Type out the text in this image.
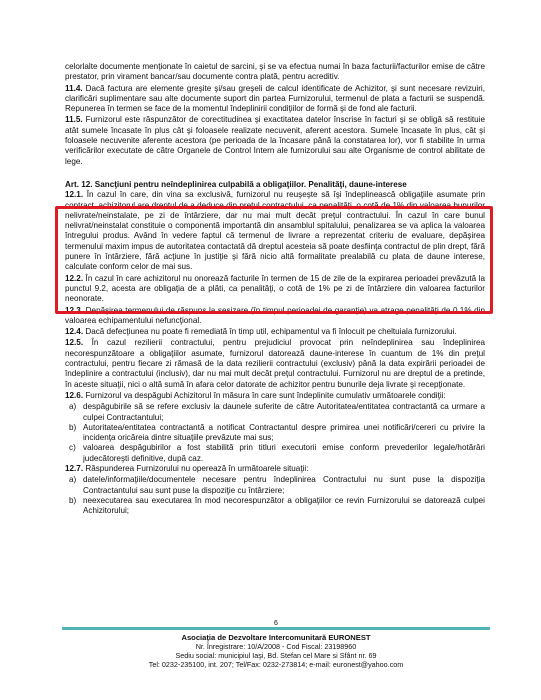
celorlalte documente menţionate în caietul de sarcini, şi se va efectua numai în baza facturii/facturilor emise de către prestator, prin virament bancar/sau documente contra plată, pentru acreditiv.

11.4. Dacă factura are elemente greşite şi/sau greşeli de calcul identificate de Achizitor, şi sunt necesare revizuiri, clarificări suplimentare sau alte documente suport din partea Furnizorului, termenul de plata a facturii se suspendă. Repunerea în termen se face de la momentul îndeplinirii condiţiilor de formă şi de fond ale facturii.

11.5. Furnizorul este răspunzător de corectitudinea şi exactitatea datelor înscrise în facturi şi se obligă să restituie atât sumele încasate în plus cât şi foloasele realizate necuvenit, aferent acestora. Sumele încasate în plus, cât şi foloasele necuvenite aferente acestora (pe perioada de la încasare până la constatarea lor), vor fi stabilite în urma verificărilor executate de către Organele de Control Intern ale furnizorului sau alte Organisme de control abilitate de lege.

Art. 12. Sancţiuni pentru neîndeplinirea culpabilă a obligaţiilor. Penalităţi, daune-interese

12.1. În cazul în care, din vina sa exclusivă, furnizorul nu reuşeşte să îşi îndeplinească obligaţiile asumate prin contract, achizitorul are dreptul de a deduce din preţul contractului, ca penalităţi, o cotă de 1% din valoarea bunurilor nelivrate/neinstalate, pe zi de întârziere, dar nu mai mult decât preţul contractului. În cazul în care bunul nelivrat/neinstalat constituie o componentă importantă din ansamblul spitalului, penalizarea se va aplica la valoarea întregului produs. Având în vedere faptul că termenul de livrare a reprezentat criteriu de evaluare, depăşirea termenului maxim impus de autoritatea contactată dă dreptul acesteia să poate desfiinţa contractul de plin drept, fără punere în întârziere, fără acţiune în justiţie şi fără nicio altă formalitate prealabilă cu plata de daune interese, calculate conform celor de mai sus.

12.2. În cazul în care achizitorul nu onorează facturile în termen de 15 de zile de la expirarea perioadei prevăzută la punctul 9.2, acesta are obligaţia de a plăti, ca penalităţi, o cotă de 1% pe zi de întârziere din valoarea facturilor neonorate.

12.3. Depăşirea termenului de răspuns la sesizare (în timpul perioadei de garanţie) va atrage penalităţi de 0,1% din valoarea echipamentului nefuncţional.

12.4. Dacă defecţiunea nu poate fi remediată în timp util, echipamentul va fi înlocuit pe cheltuiala furnizorului.

12.5. În cazul rezilierii contractului, pentru prejudiciul provocat prin neîndeplinirea sau îndeplinirea necorespunzătoare a obligaţiilor asumate, furnizorul datorează daune-interese în cuantum de 1% din preţul contractului, pentru fiecare zi rămasă de la data rezilierii contractului (exclusiv) până la data expirării perioadei de îndeplinire a contractului (inclusiv), dar nu mai mult decât preţul contractului. Furnizorul nu are dreptul de a pretinde, în aceste situaţii, nici o altă sumă în afara celor datorate de achizitor pentru bunurile deja livrate şi recepţionate.

12.6. Furnizorul va despăgubi Achizitorul în măsura în care sunt îndeplinite cumulativ următoarele condiţii:

a) despăgubirile să se refere exclusiv la daunele suferite de către Autoritatea/entitatea contractantă ca urmare a culpei Contractantului;
b) Autoritatea/entitatea contractantă a notificat Contractantul despre primirea unei notificări/cereri cu privire la incidenţa oricăreia dintre situaţiile prevăzute mai sus;
c) valoarea despăgubirilor a fost stabilită prin titluri executorii emise conform prevederilor legale/hotărâri judecătoreşti definitive, după caz.

12.7. Răspunderea Furnizorului nu operează în următoarele situaţii:

a) datele/informaţiile/documentele necesare pentru îndeplinirea Contractului nu sunt puse la dispoziţia Contractantului sau sunt puse la dispoziţie cu întârziere;
b) neexecutarea sau executarea în mod necorespunzător a obligaţiilor ce revin Furnizorului se datorează culpei Achizitorului;
6
Asociaţia de Dezvoltare Intercomunitară EURONEST
Nr. Înregistrare: 10/A/2008 - Cod Fiscal: 23198960
Sediu social: municipiul Iaşi, Bd. Stefan cel Mare si Sfânt nr. 69
Tel: 0232-235100, int. 207; Tel/Fax: 0232-273814; e-mail: euronest@yahoo.com
